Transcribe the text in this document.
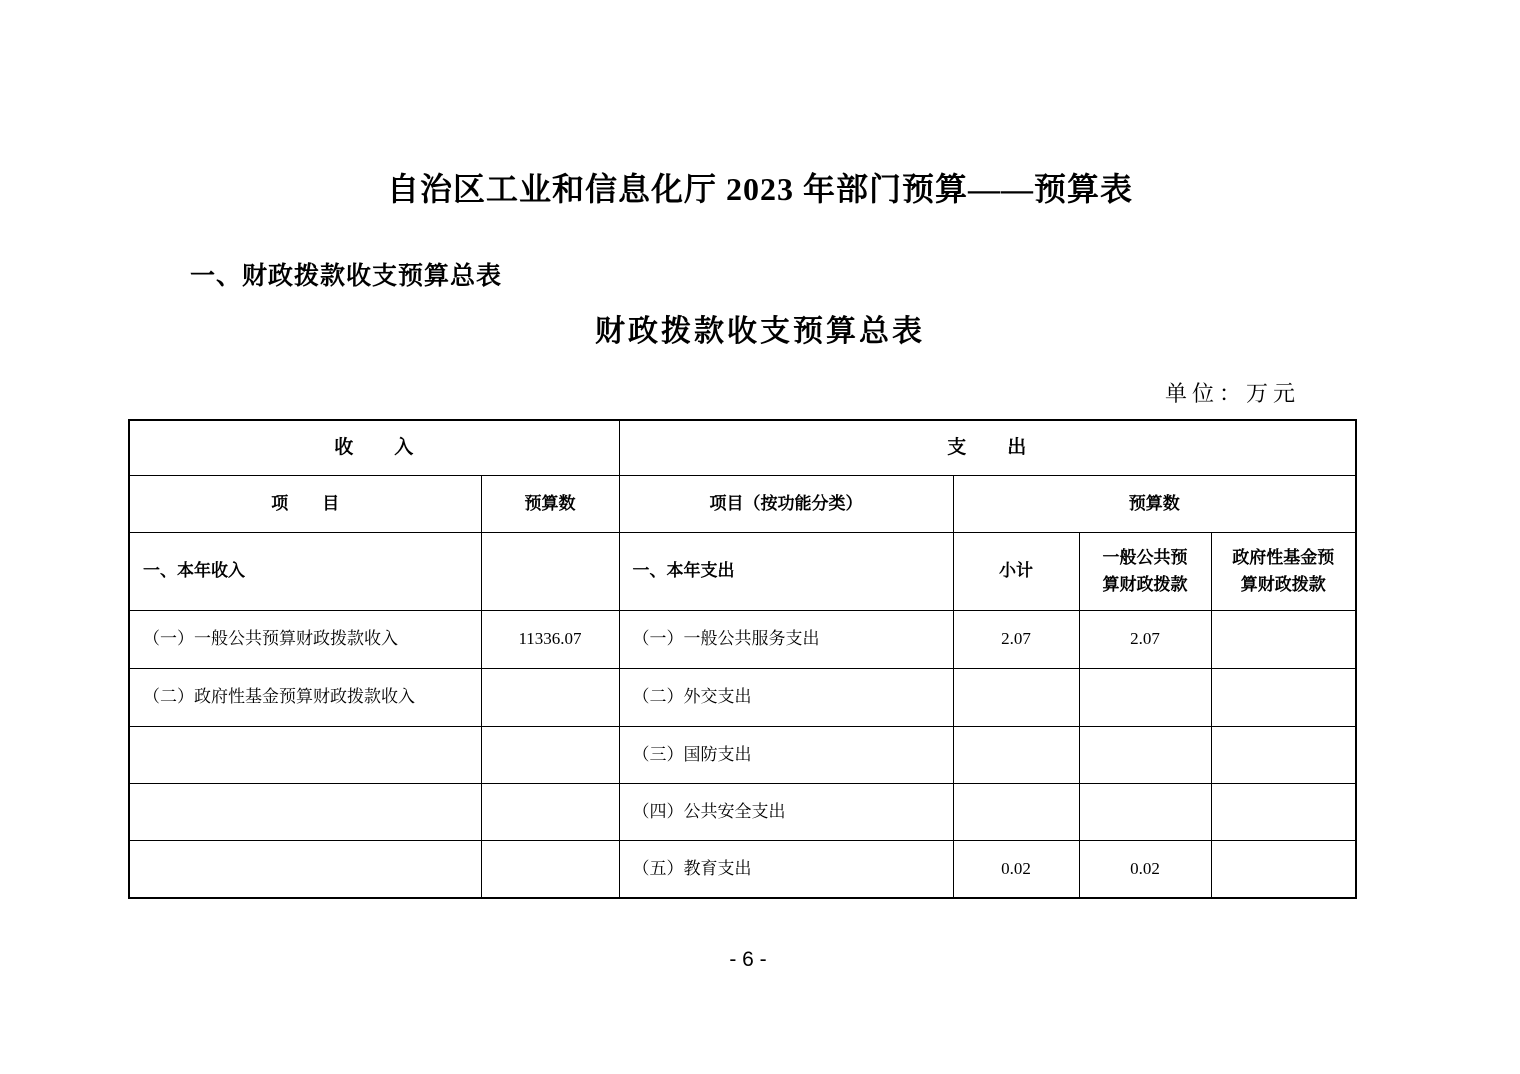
自治区工业和信息化厅 2023 年部门预算——预算表
一、财政拨款收支预算总表
财政拨款收支预算总表
单位：万元
收　　入		支　　出			
项　　目	预算数	项目（按功能分类）	预算数		
一、本年收入		一、本年支出	小计	一般公共预算财政拨款	政府性基金预算财政拨款
（一）一般公共预算财政拨款收入	11336.07	（一）一般公共服务支出	2.07	2.07	
（二）政府性基金预算财政拨款收入		（二）外交支出			
		（三）国防支出			
		（四）公共安全支出			
		（五）教育支出	0.02	0.02	
- 6 -
